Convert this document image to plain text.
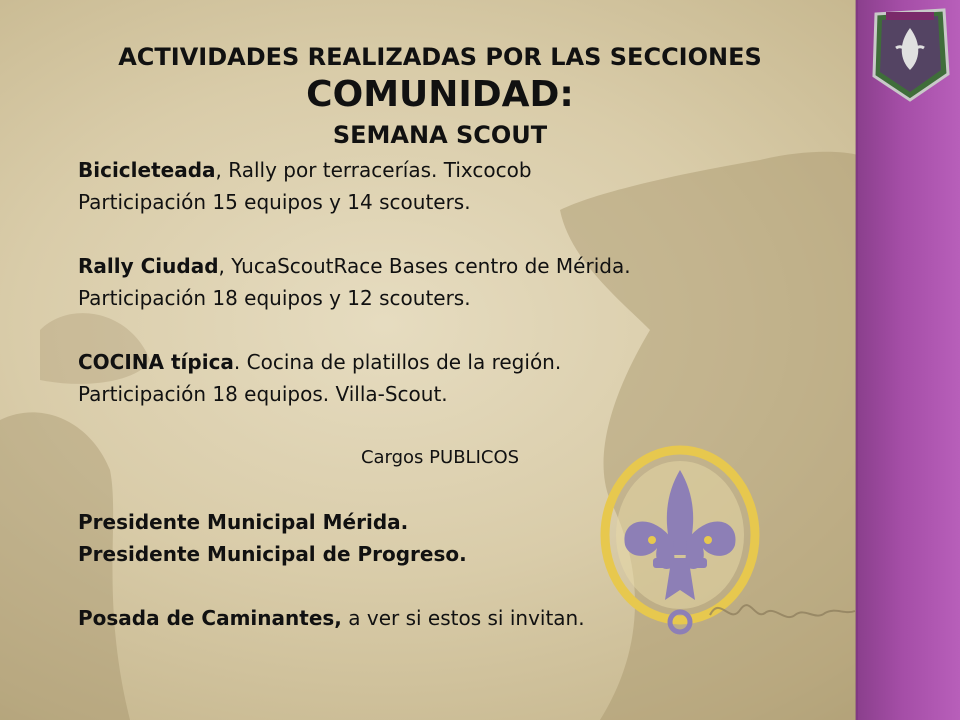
ACTIVIDADES REALIZADAS POR LAS SECCIONES
COMUNIDAD:
SEMANA SCOUT
Bicicleteada, Rally por terracerías. Tixcocob
Participación 15 equipos y 14 scouters.
Rally Ciudad, YucaScoutRace Bases centro de Mérida.
Participación 18 equipos y 12 scouters.
COCINA típica. Cocina de platillos de la región.
Participación 18 equipos. Villa-Scout.
Cargos PUBLICOS
Presidente Municipal Mérida.
Presidente Municipal de Progreso.
Posada de Caminantes, a ver si estos si invitan.
